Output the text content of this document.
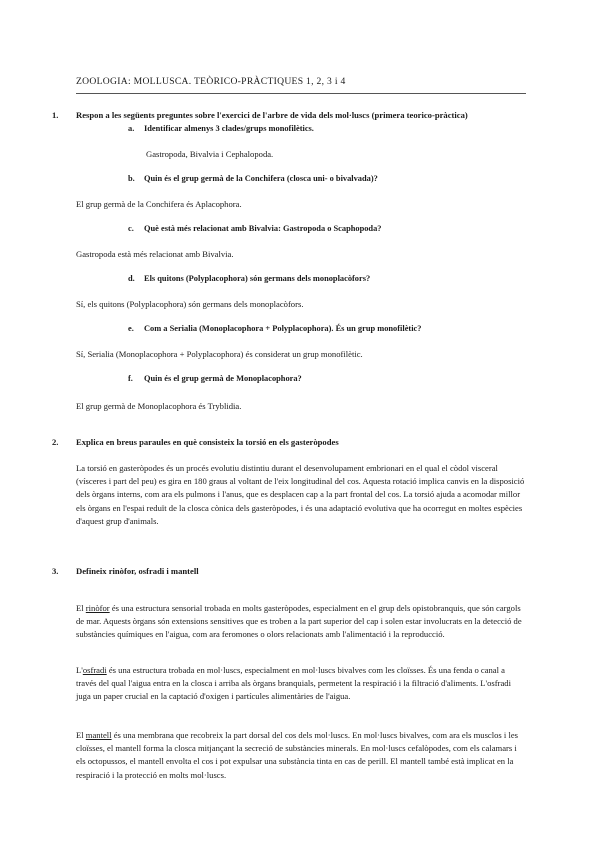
ZOOLOGIA: MOLLUSCA. TEÒRICO-PRÀCTIQUES 1, 2, 3 i 4
1. Respon a les següents preguntes sobre l'exercici de l'arbre de vida dels mol·luscs (primera teorico-pràctica)
a. Identificar almenys 3 clades/grups monofilètics.
Gastropoda, Bivalvia i Cephalopoda.
b. Quin és el grup germà de la Conchifera (closca uni- o bivalvada)?
El grup germà de la Conchifera és Aplacophora.
c. Què està més relacionat amb Bivalvia: Gastropoda o Scaphopoda?
Gastropoda està més relacionat amb Bivalvia.
d. Els quitons (Polyplacophora) són germans dels monoplacòfors?
Sí, els quitons (Polyplacophora) són germans dels monoplacòfors.
e. Com a Serialia (Monoplacophora + Polyplacophora). És un grup monofilètic?
Sí, Serialia (Monoplacophora + Polyplacophora) és considerat un grup monofilètic.
f. Quin és el grup germà de Monoplacophora?
El grup germà de Monoplacophora és Tryblidia.
2. Explica en breus paraules en què consisteix la torsió en els gasteròpodes
La torsió en gasteròpodes és un procés evolutiu distintiu durant el desenvolupament embrionari en el qual el còdol visceral (vísceres i part del peu) es gira en 180 graus al voltant de l'eix longitudinal del cos. Aquesta rotació implica canvis en la disposició dels òrgans interns, com ara els pulmons i l'anus, que es desplacen cap a la part frontal del cos. La torsió ajuda a acomodar millor els òrgans en l'espai reduït de la closca cònica dels gasteròpodes, i és una adaptació evolutiva que ha ocorregut en moltes espècies d'aquest grup d'animals.
3. Defineix rinòfor, osfradi i mantell
El rinòfor és una estructura sensorial trobada en molts gasteròpodes, especialment en el grup dels opistobranquis, que són cargols de mar. Aquests òrgans són extensions sensitives que es troben a la part superior del cap i solen estar involucrats en la detecció de substàncies químiques en l'aigua, com ara feromones o olors relacionats amb l'alimentació i la reproducció.
L'osfradi és una estructura trobada en mol·luscs, especialment en mol·luscs bivalves com les cloïsses. És una fenda o canal a través del qual l'aigua entra en la closca i arriba als òrgans branquials, permetent la respiració i la filtració d'aliments. L'osfradi juga un paper crucial en la captació d'oxigen i partícules alimentàries de l'aigua.
El mantell és una membrana que recobreix la part dorsal del cos dels mol·luscs. En mol·luscs bivalves, com ara els musclos i les cloïsses, el mantell forma la closca mitjançant la secreció de substàncies minerals. En mol·luscs cefalòpodes, com els calamars i els octopussos, el mantell envolta el cos i pot expulsar una substància tinta en cas de perill. El mantell també està implicat en la respiració i la protecció en molts mol·luscs.
